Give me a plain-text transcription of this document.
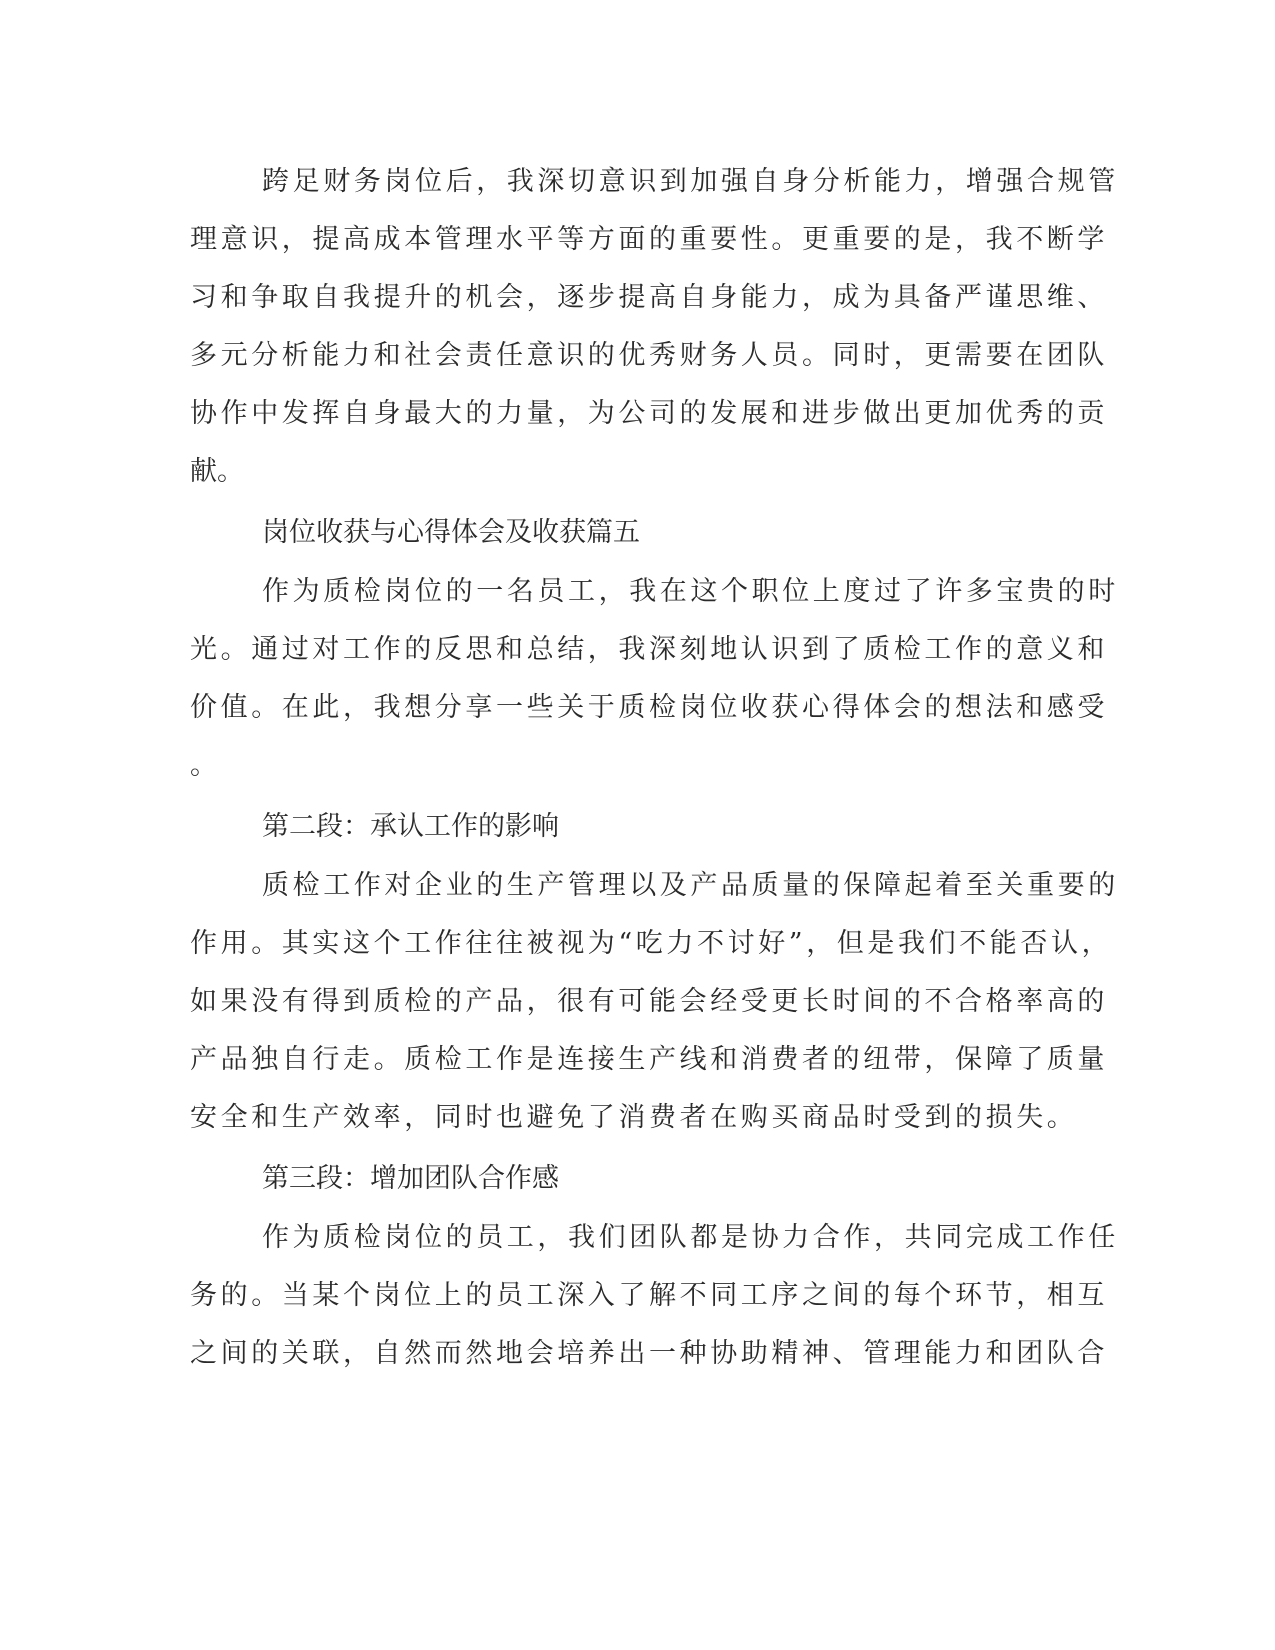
跨足财务岗位后，我深切意识到加强自身分析能力，增强合规管
理意识，提高成本管理水平等方面的重要性。更重要的是，我不断学
习和争取自我提升的机会，逐步提高自身能力，成为具备严谨思维、
多元分析能力和社会责任意识的优秀财务人员。同时，更需要在团队
协作中发挥自身最大的力量，为公司的发展和进步做出更加优秀的贡
献。
岗位收获与心得体会及收获篇五
作为质检岗位的一名员工，我在这个职位上度过了许多宝贵的时
光。通过对工作的反思和总结，我深刻地认识到了质检工作的意义和
价值。在此，我想分享一些关于质检岗位收获心得体会的想法和感受
。
第二段：承认工作的影响
质检工作对企业的生产管理以及产品质量的保障起着至关重要的
作用。其实这个工作往往被视为“吃力不讨好”，但是我们不能否认，
如果没有得到质检的产品，很有可能会经受更长时间的不合格率高的
产品独自行走。质检工作是连接生产线和消费者的纽带，保障了质量
安全和生产效率，同时也避免了消费者在购买商品时受到的损失。
第三段：增加团队合作感
作为质检岗位的员工，我们团队都是协力合作，共同完成工作任
务的。当某个岗位上的员工深入了解不同工序之间的每个环节，相互
之间的关联，自然而然地会培养出一种协助精神、管理能力和团队合
